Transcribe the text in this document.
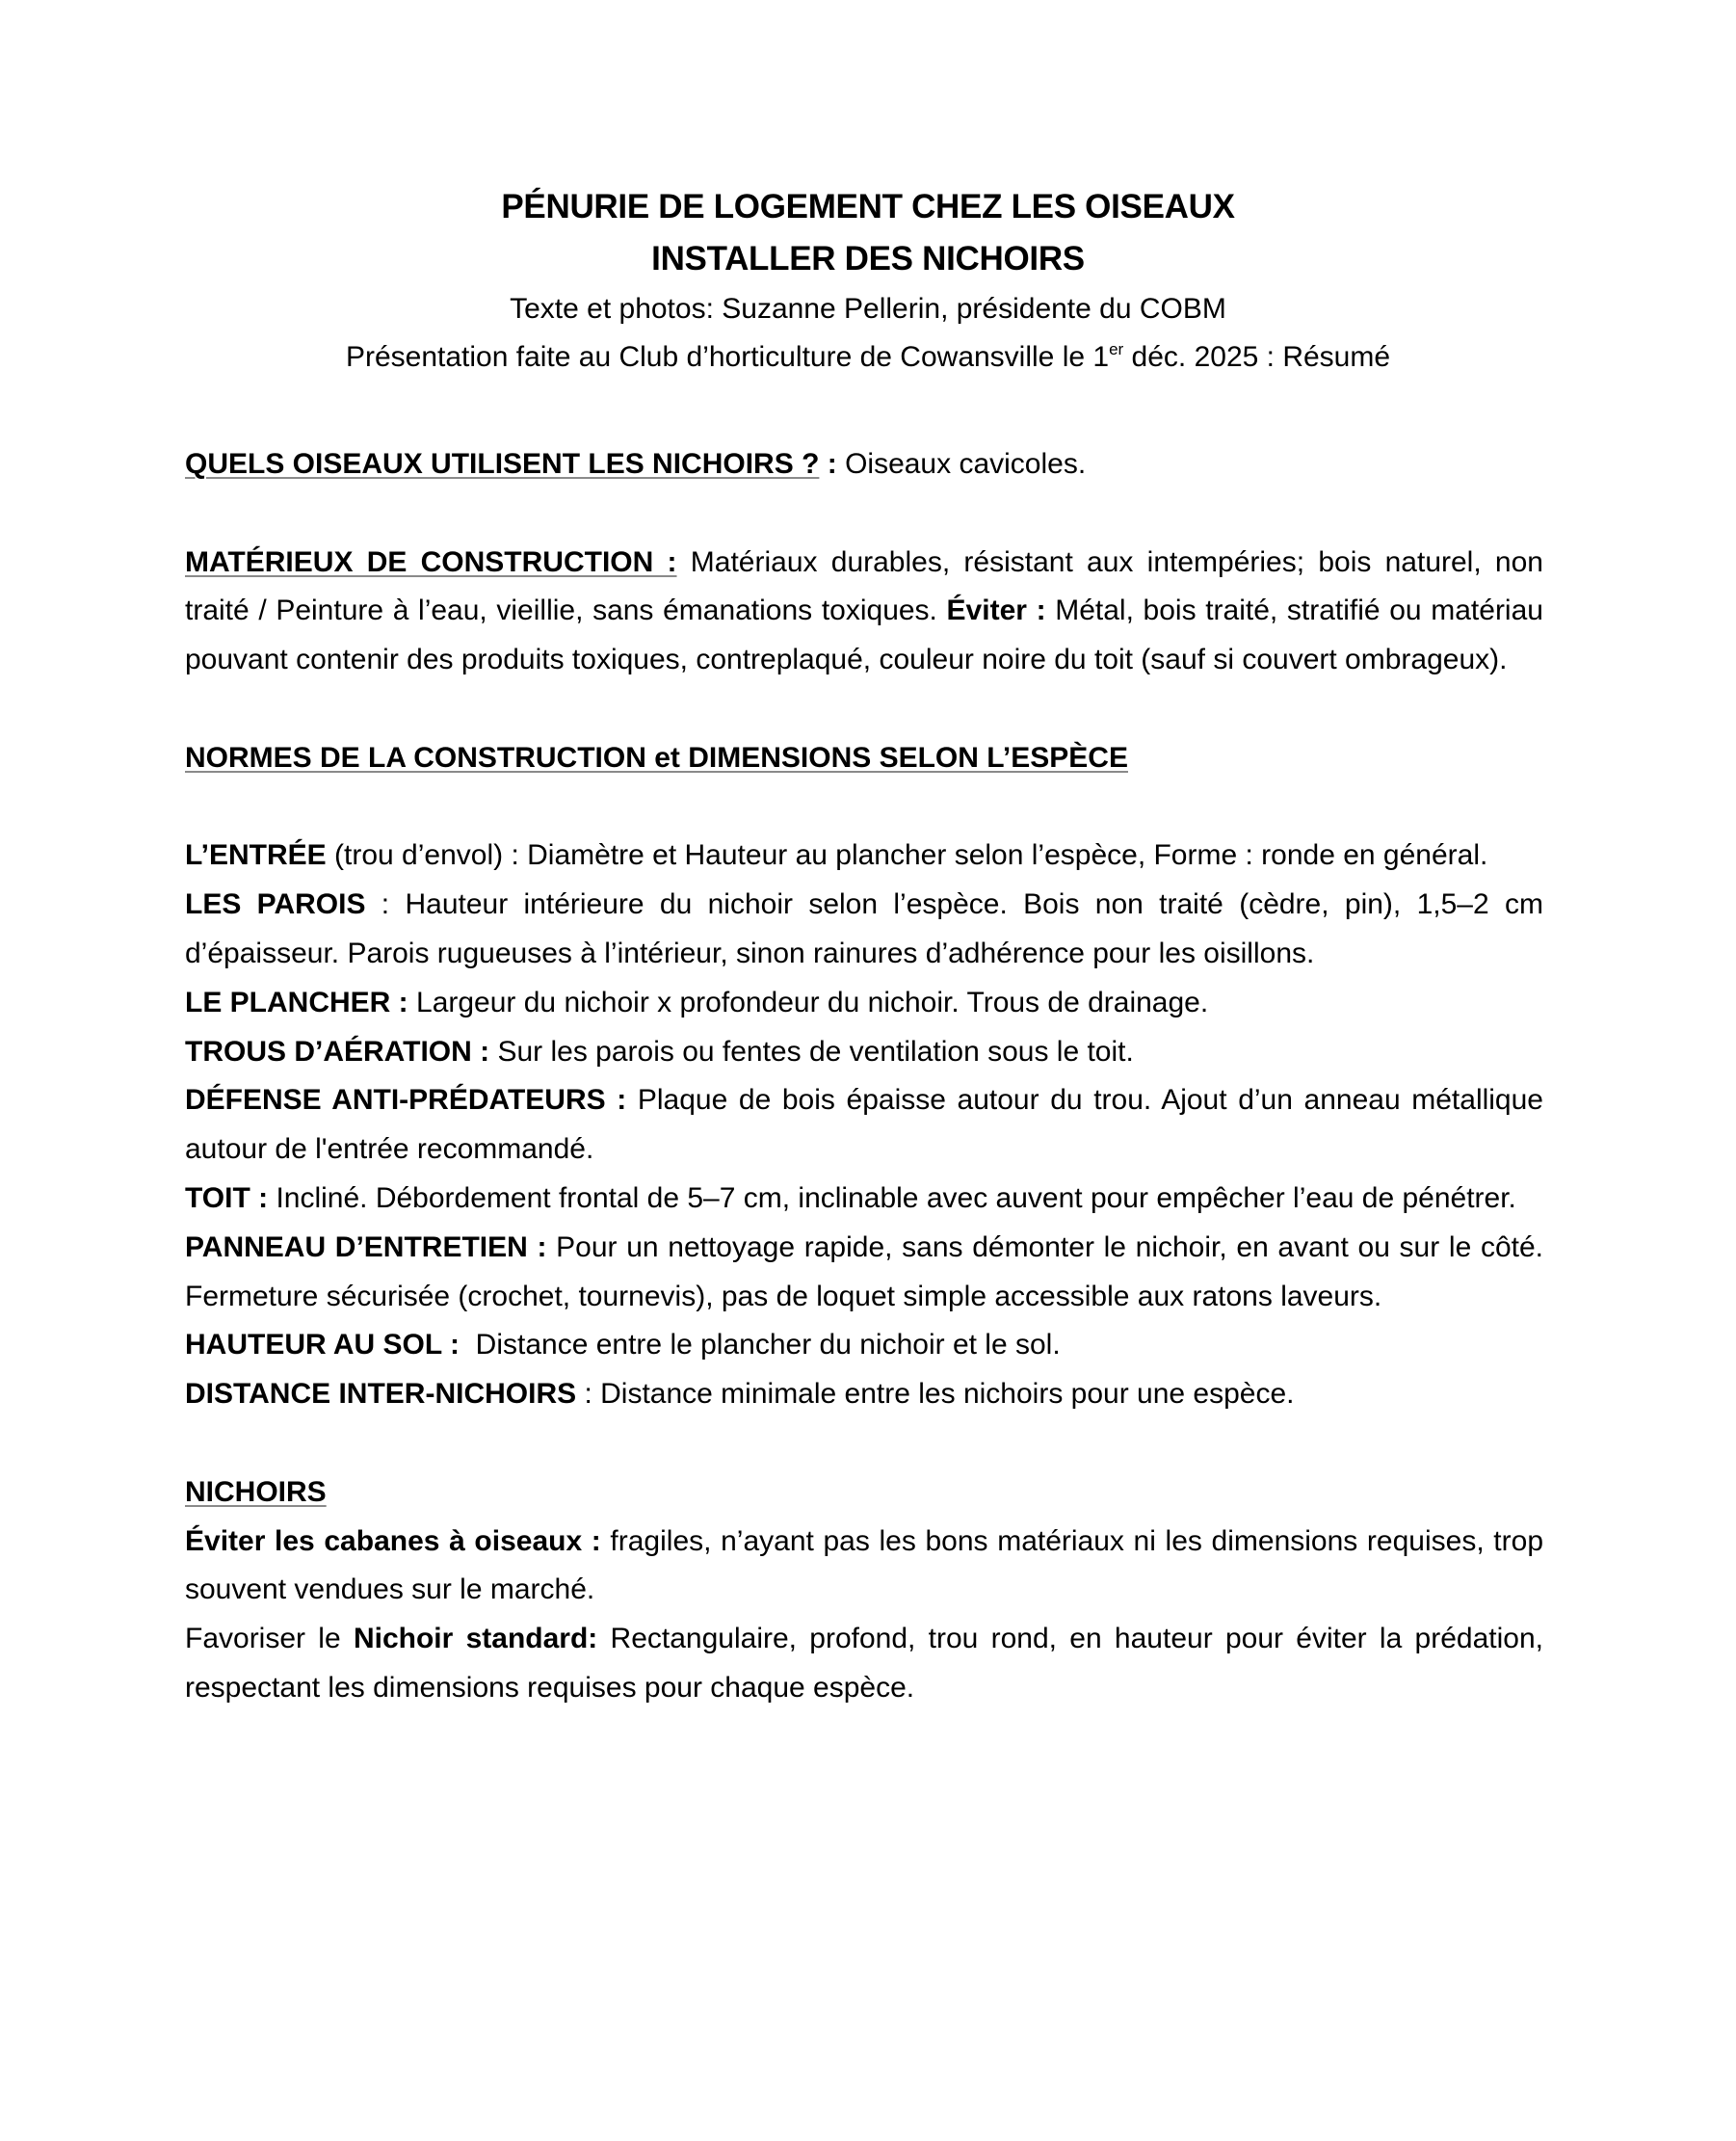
PÉNURIE DE LOGEMENT CHEZ LES OISEAUX

INSTALLER DES NICHOIRS

Texte et photos: Suzanne Pellerin, présidente du COBM

Présentation faite au Club d’horticulture de Cowansville le 1er déc. 2025 : Résumé

QUELS OISEAUX UTILISENT LES NICHOIRS ? : Oiseaux cavicoles.

MATÉRIEUX DE CONSTRUCTION : Matériaux durables, résistant aux intempéries; bois naturel, non traité / Peinture à l’eau, vieillie, sans émanations toxiques. Éviter : Métal, bois traité, stratifié ou matériau pouvant contenir des produits toxiques, contreplaqué, couleur noire du toit (sauf si couvert ombrageux).

NORMES DE LA CONSTRUCTION et DIMENSIONS SELON L’ESPÈCE

L’ENTRÉE (trou d’envol) : Diamètre et Hauteur au plancher selon l’espèce, Forme : ronde en général.

LES PAROIS : Hauteur intérieure du nichoir selon l’espèce. Bois non traité (cèdre, pin), 1,5–2 cm d’épaisseur. Parois rugueuses à l’intérieur, sinon rainures d’adhérence pour les oisillons.

LE PLANCHER : Largeur du nichoir x profondeur du nichoir. Trous de drainage.

TROUS D’AÉRATION : Sur les parois ou fentes de ventilation sous le toit.

DÉFENSE ANTI-PRÉDATEURS : Plaque de bois épaisse autour du trou. Ajout d’un anneau métallique autour de l'entrée recommandé.

TOIT : Incliné. Débordement frontal de 5–7 cm, inclinable avec auvent pour empêcher l’eau de pénétrer.

PANNEAU D’ENTRETIEN : Pour un nettoyage rapide, sans démonter le nichoir, en avant ou sur le côté. Fermeture sécurisée (crochet, tournevis), pas de loquet simple accessible aux ratons laveurs.

HAUTEUR AU SOL :  Distance entre le plancher du nichoir et le sol.

DISTANCE INTER-NICHOIRS : Distance minimale entre les nichoirs pour une espèce.

NICHOIRS

Éviter les cabanes à oiseaux : fragiles, n’ayant pas les bons matériaux ni les dimensions requises, trop souvent vendues sur le marché.

Favoriser le Nichoir standard: Rectangulaire, profond, trou rond, en hauteur pour éviter la prédation, respectant les dimensions requises pour chaque espèce.
